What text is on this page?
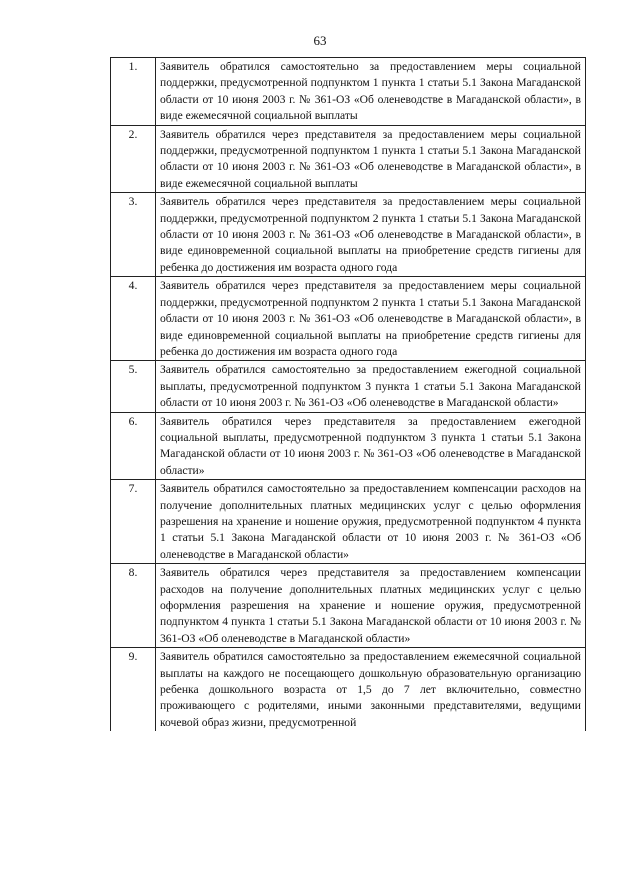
63
1.	Заявитель обратился самостоятельно за предоставлением меры социальной поддержки, предусмотренной подпунктом 1 пункта 1 статьи 5.1 Закона Магаданской области от 10 июня 2003 г. № 361-ОЗ «Об оленеводстве в Магаданской области», в виде ежемесячной социальной выплаты
2.	Заявитель обратился через представителя за предоставлением меры социальной поддержки, предусмотренной подпунктом 1 пункта 1 статьи 5.1 Закона Магаданской области от 10 июня 2003 г. № 361-ОЗ «Об оленеводстве в Магаданской области», в виде ежемесячной социальной выплаты
3.	Заявитель обратился через представителя за предоставлением меры социальной поддержки, предусмотренной подпунктом 2 пункта 1 статьи 5.1 Закона Магаданской области от 10 июня 2003 г. № 361-ОЗ «Об оленеводстве в Магаданской области», в виде единовременной социальной выплаты на приобретение средств гигиены для ребенка до достижения им возраста одного года
4.	Заявитель обратился через представителя за предоставлением меры социальной поддержки, предусмотренной подпунктом 2 пункта 1 статьи 5.1 Закона Магаданской области от 10 июня 2003 г. № 361-ОЗ «Об оленеводстве в Магаданской области», в виде единовременной социальной выплаты на приобретение средств гигиены для ребенка до достижения им возраста одного года
5.	Заявитель обратился самостоятельно за предоставлением ежегодной социальной выплаты, предусмотренной подпунктом 3 пункта 1 статьи 5.1 Закона Магаданской области от 10 июня 2003 г. № 361-ОЗ «Об оленеводстве в Магаданской области»
6.	Заявитель обратился через представителя за предоставлением ежегодной социальной выплаты, предусмотренной подпунктом 3 пункта 1 статьи 5.1 Закона Магаданской области от 10 июня 2003 г. № 361-ОЗ «Об оленеводстве в Магаданской области»
7.	Заявитель обратился самостоятельно за предоставлением компенсации расходов на получение дополнительных платных медицинских услуг с целью оформления разрешения на хранение и ношение оружия, предусмотренной подпунктом 4 пункта 1 статьи 5.1 Закона Магаданской области от 10 июня 2003 г. № 361-ОЗ «Об оленеводстве в Магаданской области»
8.	Заявитель обратился через представителя за предоставлением компенсации расходов на получение дополнительных платных медицинских услуг с целью оформления разрешения на хранение и ношение оружия, предусмотренной подпунктом 4 пункта 1 статьи 5.1 Закона Магаданской области от 10 июня 2003 г. № 361-ОЗ «Об оленеводстве в Магаданской области»
9.	Заявитель обратился самостоятельно за предоставлением ежемесячной социальной выплаты на каждого не посещающего дошкольную образовательную организацию ребенка дошкольного возраста от 1,5 до 7 лет включительно, совместно проживающего с родителями, иными законными представителями, ведущими кочевой образ жизни, предусмотренной
